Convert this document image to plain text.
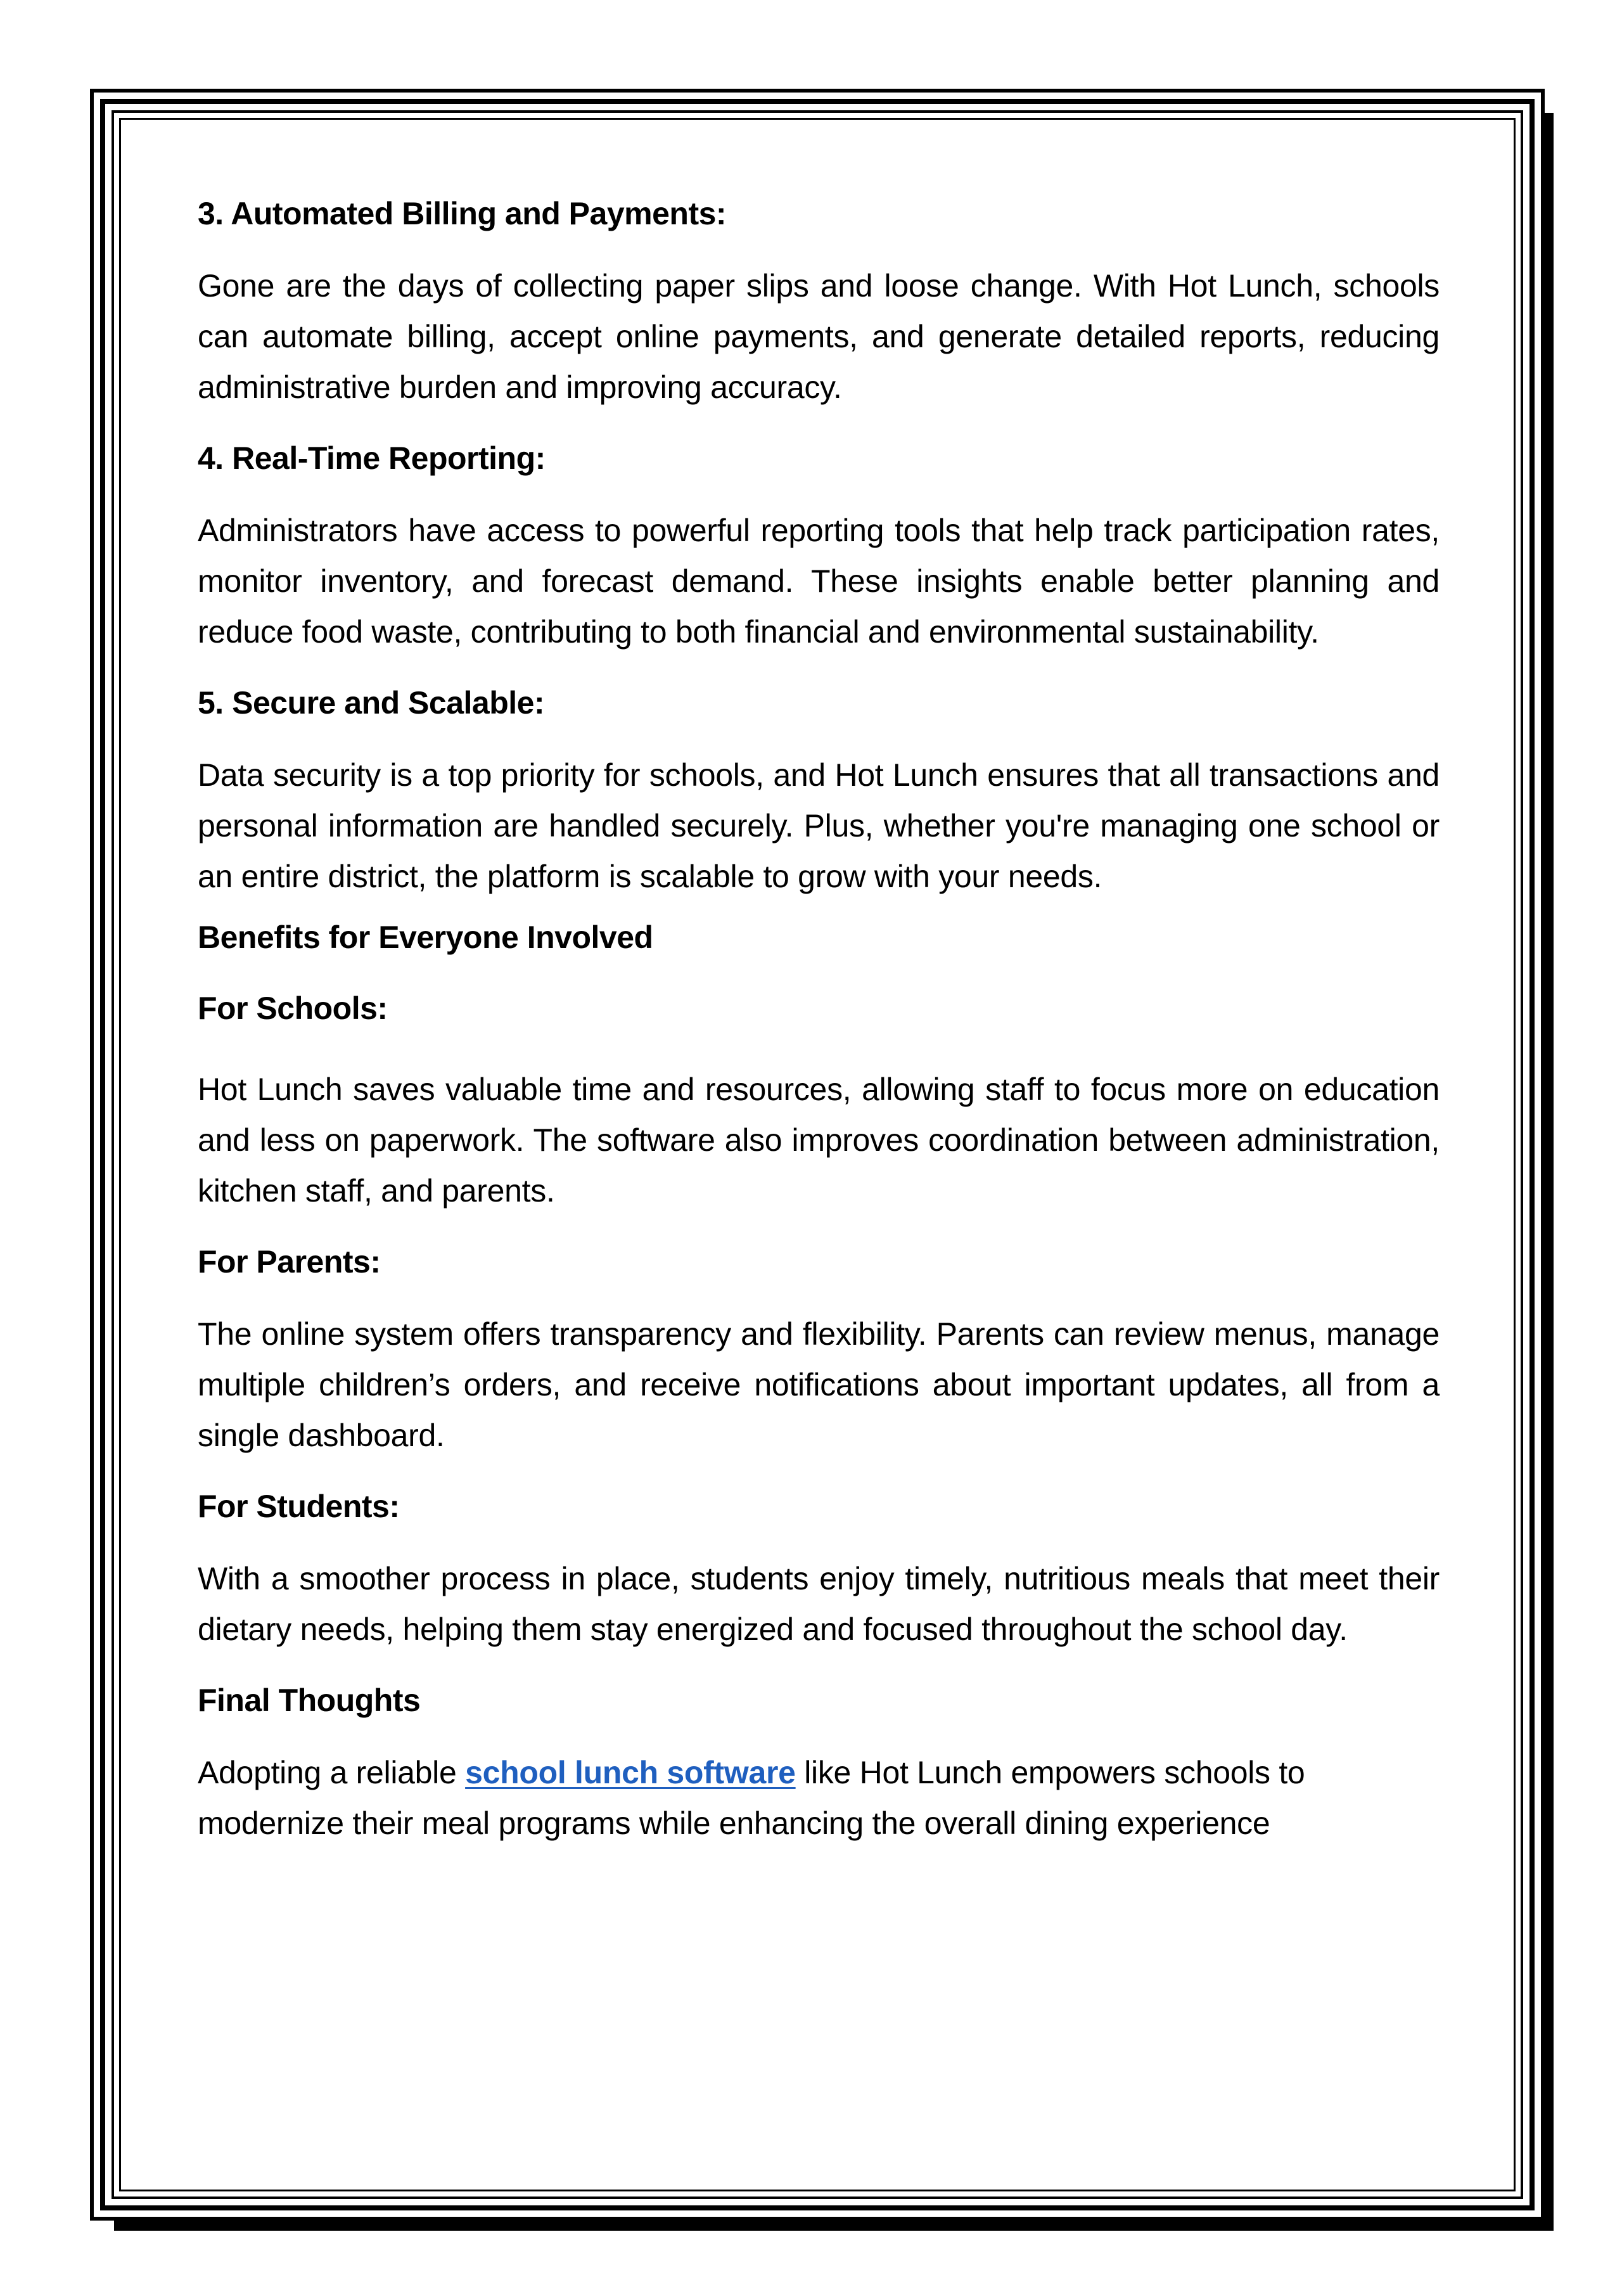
3. Automated Billing and Payments:

Gone are the days of collecting paper slips and loose change. With Hot Lunch, schools can automate billing, accept online payments, and generate detailed reports, reducing administrative burden and improving accuracy.

4. Real-Time Reporting:

Administrators have access to powerful reporting tools that help track participation rates, monitor inventory, and forecast demand. These insights enable better planning and reduce food waste, contributing to both financial and environmental sustainability.

5. Secure and Scalable:

Data security is a top priority for schools, and Hot Lunch ensures that all transactions and personal information are handled securely. Plus, whether you're managing one school or an entire district, the platform is scalable to grow with your needs.

Benefits for Everyone Involved
For Schools:

Hot Lunch saves valuable time and resources, allowing staff to focus more on education and less on paperwork. The software also improves coordination between administration, kitchen staff, and parents.

For Parents:

The online system offers transparency and flexibility. Parents can review menus, manage multiple children’s orders, and receive notifications about important updates, all from a single dashboard.

For Students:

With a smoother process in place, students enjoy timely, nutritious meals that meet their dietary needs, helping them stay energized and focused throughout the school day.

Final Thoughts

Adopting a reliable school lunch software like Hot Lunch empowers schools to modernize their meal programs while enhancing the overall dining experience
